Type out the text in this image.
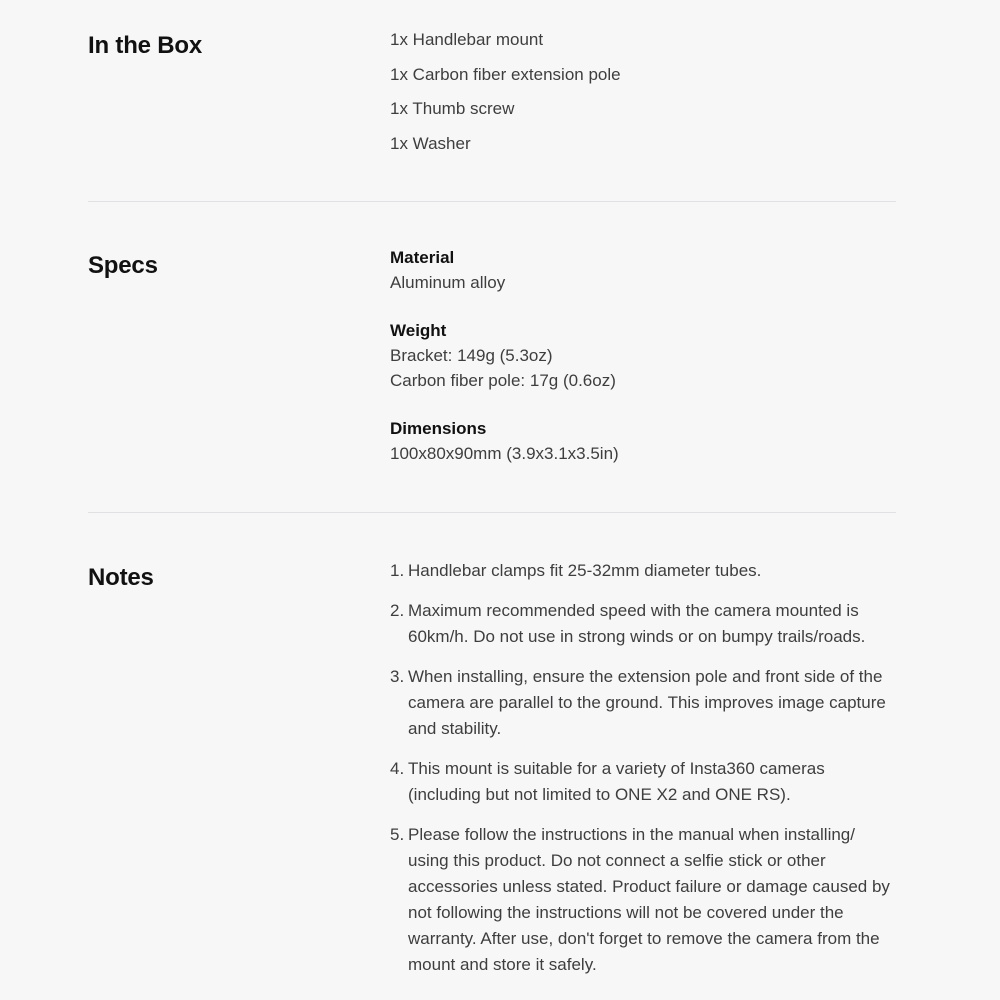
In the Box	1x Handlebar mount
1x Carbon fiber extension pole
1x Thumb screw
1x Washer
Specs	Material
Aluminum alloy
Weight
Bracket: 149g (5.3oz)
Carbon fiber pole: 17g (0.6oz)
Dimensions
100x80x90mm (3.9x3.1x3.5in)
Notes	1. Handlebar clamps fit 25-32mm diameter tubes.
2. Maximum recommended speed with the camera mounted is 60km/h. Do not use in strong winds or on bumpy trails/roads.
3. When installing, ensure the extension pole and front side of the camera are parallel to the ground. This improves image capture and stability.
4. This mount is suitable for a variety of Insta360 cameras (including but not limited to ONE X2 and ONE RS).
5. Please follow the instructions in the manual when installing/ using this product. Do not connect a selfie stick or other accessories unless stated. Product failure or damage caused by not following the instructions will not be covered under the warranty. After use, don't forget to remove the camera from the mount and store it safely.
